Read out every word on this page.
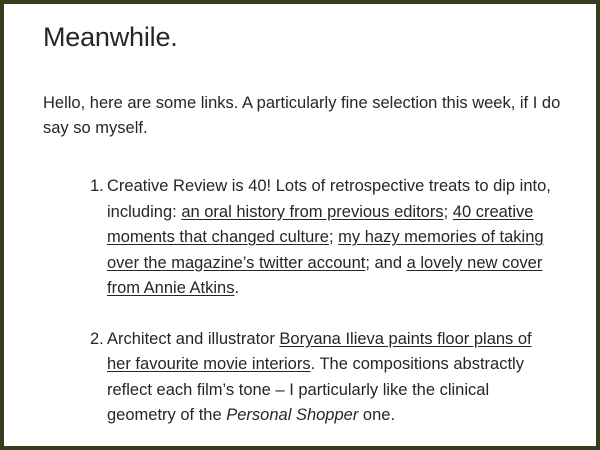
Meanwhile.

Hello, here are some links. A particularly fine selection this week, if I do say so myself.

1. Creative Review is 40! Lots of retrospective treats to dip into, including: an oral history from previous editors; 40 creative moments that changed culture; my hazy memories of taking over the magazine’s twitter account; and a lovely new cover from Annie Atkins.
2. Architect and illustrator Boryana Ilieva paints floor plans of her favourite movie interiors. The compositions abstractly reflect each film’s tone – I particularly like the clinical geometry of the Personal Shopper one.
